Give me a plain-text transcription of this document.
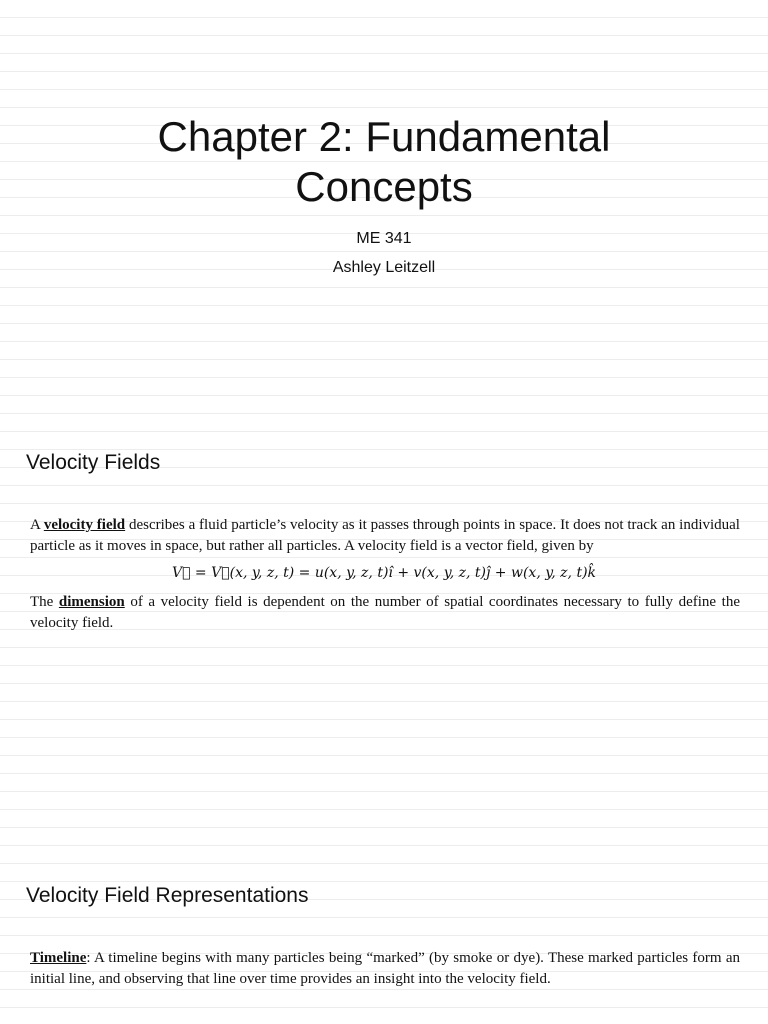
Chapter 2: Fundamental
Concepts
ME 341
Ashley Leitzell
Velocity Fields

A velocity field describes a fluid particle’s velocity as it passes through points in space. It does not track an individual particle as it moves in space, but rather all particles. A velocity field is a vector field, given by

V⃗ = V⃗(x, y, z, t) = u(x, y, z, t)î + v(x, y, z, t)ĵ + w(x, y, z, t)k̂

The dimension of a velocity field is dependent on the number of spatial coordinates necessary to fully define the velocity field.

Velocity Field Representations

Timeline: A timeline begins with many particles being “marked” (by smoke or dye). These marked particles form an initial line, and observing that line over time provides an insight into the velocity field.
